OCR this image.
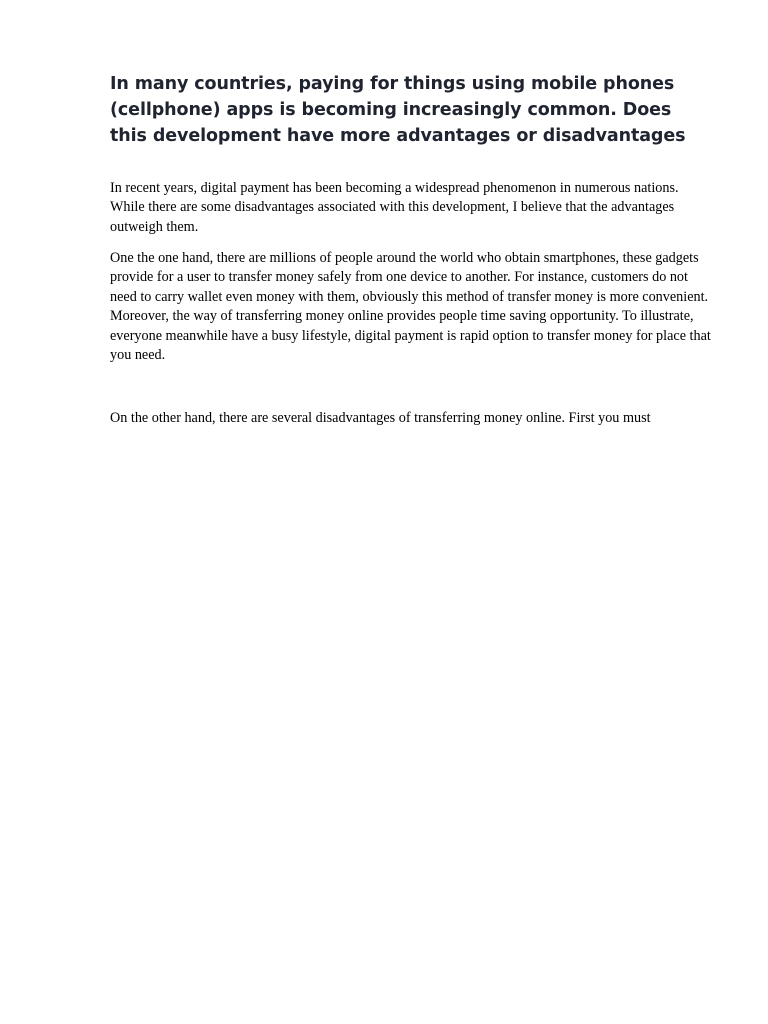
In many countries, paying for things using mobile phones (cellphone) apps is becoming increasingly common. Does this development have more advantages or disadvantages

In recent years, digital payment has been becoming a widespread phenomenon in numerous nations. While there are some disadvantages associated with this development, I believe that the advantages outweigh them.

One the one hand, there are millions of people around the world who obtain smartphones, these gadgets provide for a user to transfer money safely from one device to another. For instance, customers do not need to carry wallet even money with them, obviously this method of transfer money is more convenient. Moreover, the way of transferring money online provides people time saving opportunity. To illustrate, everyone meanwhile have a busy lifestyle, digital payment is rapid option to transfer money for place that you need.

On the other hand, there are several disadvantages of transferring money online. First you must
